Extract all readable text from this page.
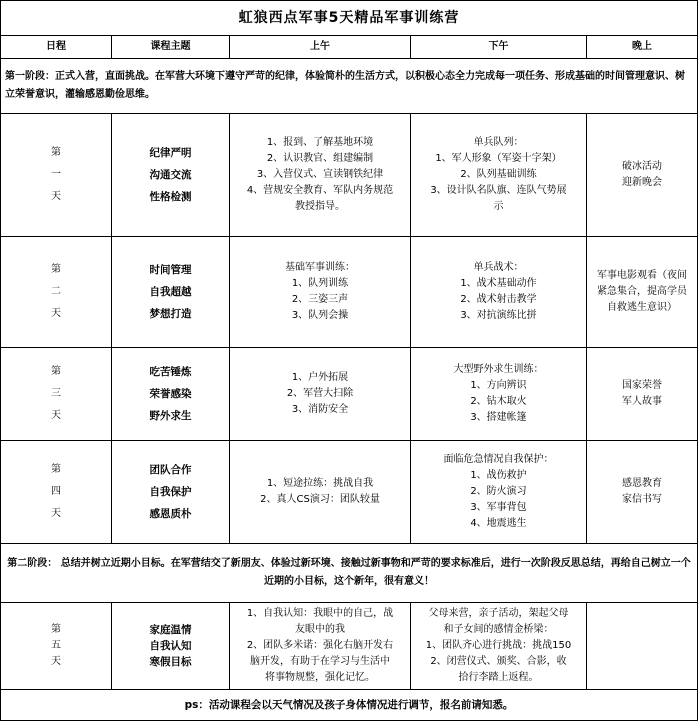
虹狼西点军事5天精品军事训练营				
日程	课程主题	上午	下午	晚上
第一阶段：正式入营，直面挑战。在军营大环境下遵守严苛的纪律，体验简朴的生活方式，以积极心态全力完成每一项任务、形成基础的时间管理意识、树立荣誉意识，灌输感恩勤俭思维。				

第
一
天	纪律严明
沟通交流
性格检测	1、报到、了解基地环境
2、认识教官、组建编制
3、入营仪式、宣读钢铁纪律
4、营规安全教育、军队内务规范
教授指导。	单兵队列：
1、军人形象（军姿十字架）
2、队列基础训练
3、设计队名队旗、连队气势展
示	破冰活动
迎新晚会

第
二
天	时间管理
自我超越
梦想打造	基础军事训练：
1、队列训练
2、三姿三声
3、队列会操	单兵战术：
1、战术基础动作
2、战术射击教学
3、对抗演练比拼	军事电影观看（夜间
紧急集合，提高学员
自救逃生意识）

第
三
天	吃苦锤炼
荣誉感染
野外求生	1、户外拓展
2、军营大扫除
3、消防安全	大型野外求生训练：
1、方向辨识
2、钻木取火
3、搭建帐篷	国家荣誉
军人故事

第
四
天	团队合作
自我保护
感恩质朴	1、短途拉练：挑战自我
2、真人CS演习：团队较量	面临危急情况自我保护：
1、战伤救护
2、防火演习
3、军事背包
4、地震逃生	感恩教育
家信书写

第二阶段： 总结并树立近期小目标。在军营结交了新朋友、体验过新环境、接触过新事物和严苛的要求标准后，进行一次阶段反思总结，再给自己树立一个近期的小目标，这个新年，很有意义！				

第
五
天	家庭温情
自我认知
寒假目标	1、自我认知：我眼中的自己，战
友眼中的我
2、团队多米诺：强化右脑开发右
脑开发，有助于在学习与生活中
将事物规整，强化记忆。	父母来营，亲子活动，架起父母
和子女间的感情金桥梁：
1、团队齐心进行挑战：挑战150
2、闭营仪式、颁奖、合影，收
拾行李踏上返程。	

ps：活动课程会以天气情况及孩子身体情况进行调节，报名前请知悉。				
